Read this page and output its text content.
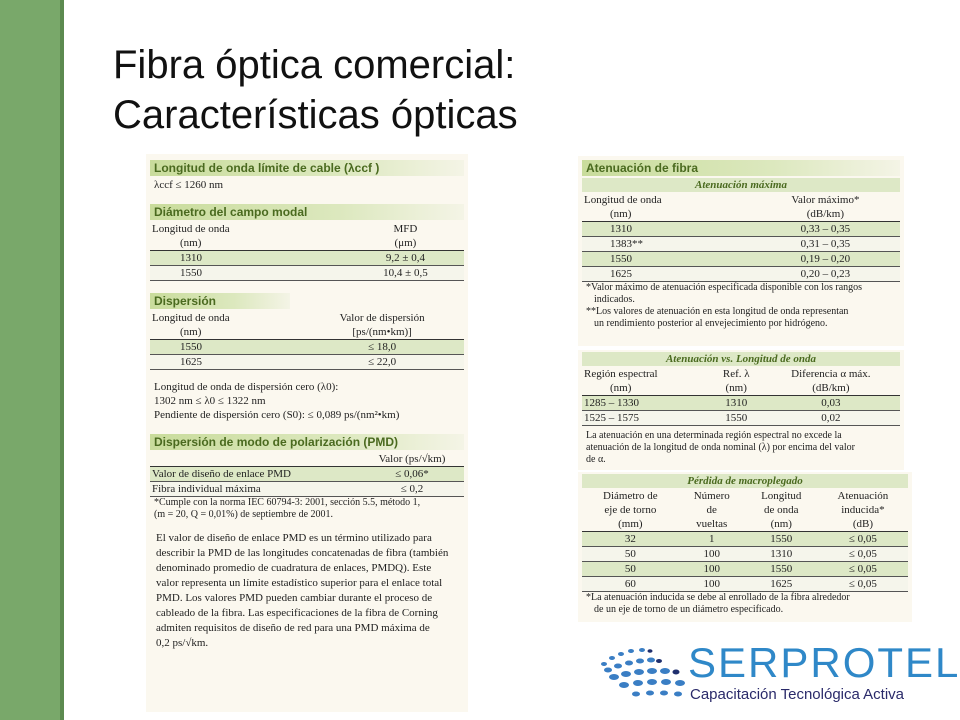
Fibra óptica comercial:
Características ópticas
Longitud de onda límite de cable (λccf )
λccf ≤ 1260 nm
Diámetro del campo modal
Longitud de onda	MFD
(nm)	(μm)
1310	9,2 ± 0,4
1550	10,4 ± 0,5
Dispersión
Longitud de onda	Valor de dispersión
(nm)	[ps/(nm•km)]
1550	≤ 18,0
1625	≤ 22,0
Longitud de onda de dispersión cero (λ0):
1302 nm ≤ λ0 ≤ 1322 nm
Pendiente de dispersión cero (S0): ≤ 0,089 ps/(nm²•km)
Dispersión de modo de polarización (PMD)
	Valor (ps/√km)
Valor de diseño de enlace PMD	≤ 0,06*
Fibra individual máxima	≤ 0,2
*Cumple con la norma IEC 60794-3: 2001, sección 5.5, método 1,
(m = 20, Q = 0,01%) de septiembre de 2001.
El valor de diseño de enlace PMD es un término utilizado para
describir la PMD de las longitudes concatenadas de fibra (también
denominado promedio de cuadratura de enlaces, PMDQ). Este
valor representa un límite estadístico superior para el enlace total
PMD. Los valores PMD pueden cambiar durante el proceso de
cableado de la fibra. Las especificaciones de la fibra de Corning
admiten requisitos de diseño de red para una PMD máxima de
0,2 ps/√km.
Atenuación de fibra
Atenuación máxima
Longitud de onda	Valor máximo*
(nm)	(dB/km)
1310	0,33 – 0,35
1383**	0,31 – 0,35
1550	0,19 – 0,20
1625	0,20 – 0,23
*Valor máximo de atenuación especificada disponible con los rangos
indicados.
**Los valores de atenuación en esta longitud de onda representan
un rendimiento posterior al envejecimiento por hidrógeno.
Atenuación vs. Longitud de onda
Región espectral	Ref. λ	Diferencia α máx.
(nm)	(nm)	(dB/km)
1285 – 1330	1310	0,03
1525 – 1575	1550	0,02
La atenuación en una determinada región espectral no excede la
atenuación de la longitud de onda nominal (λ) por encima del valor
de α.
Pérdida de macroplegado
Diámetro de	Número	Longitud	Atenuación
eje de torno	de	de onda	inducida*
(mm)	vueltas	(nm)	(dB)
32	1	1550	≤ 0,05
50	100	1310	≤ 0,05
50	100	1550	≤ 0,05
60	100	1625	≤ 0,05
*La atenuación inducida se debe al enrollado de la fibra alrededor
de un eje de torno de un diámetro especificado.
SERPROTEL
Capacitación Tecnológica Activa
